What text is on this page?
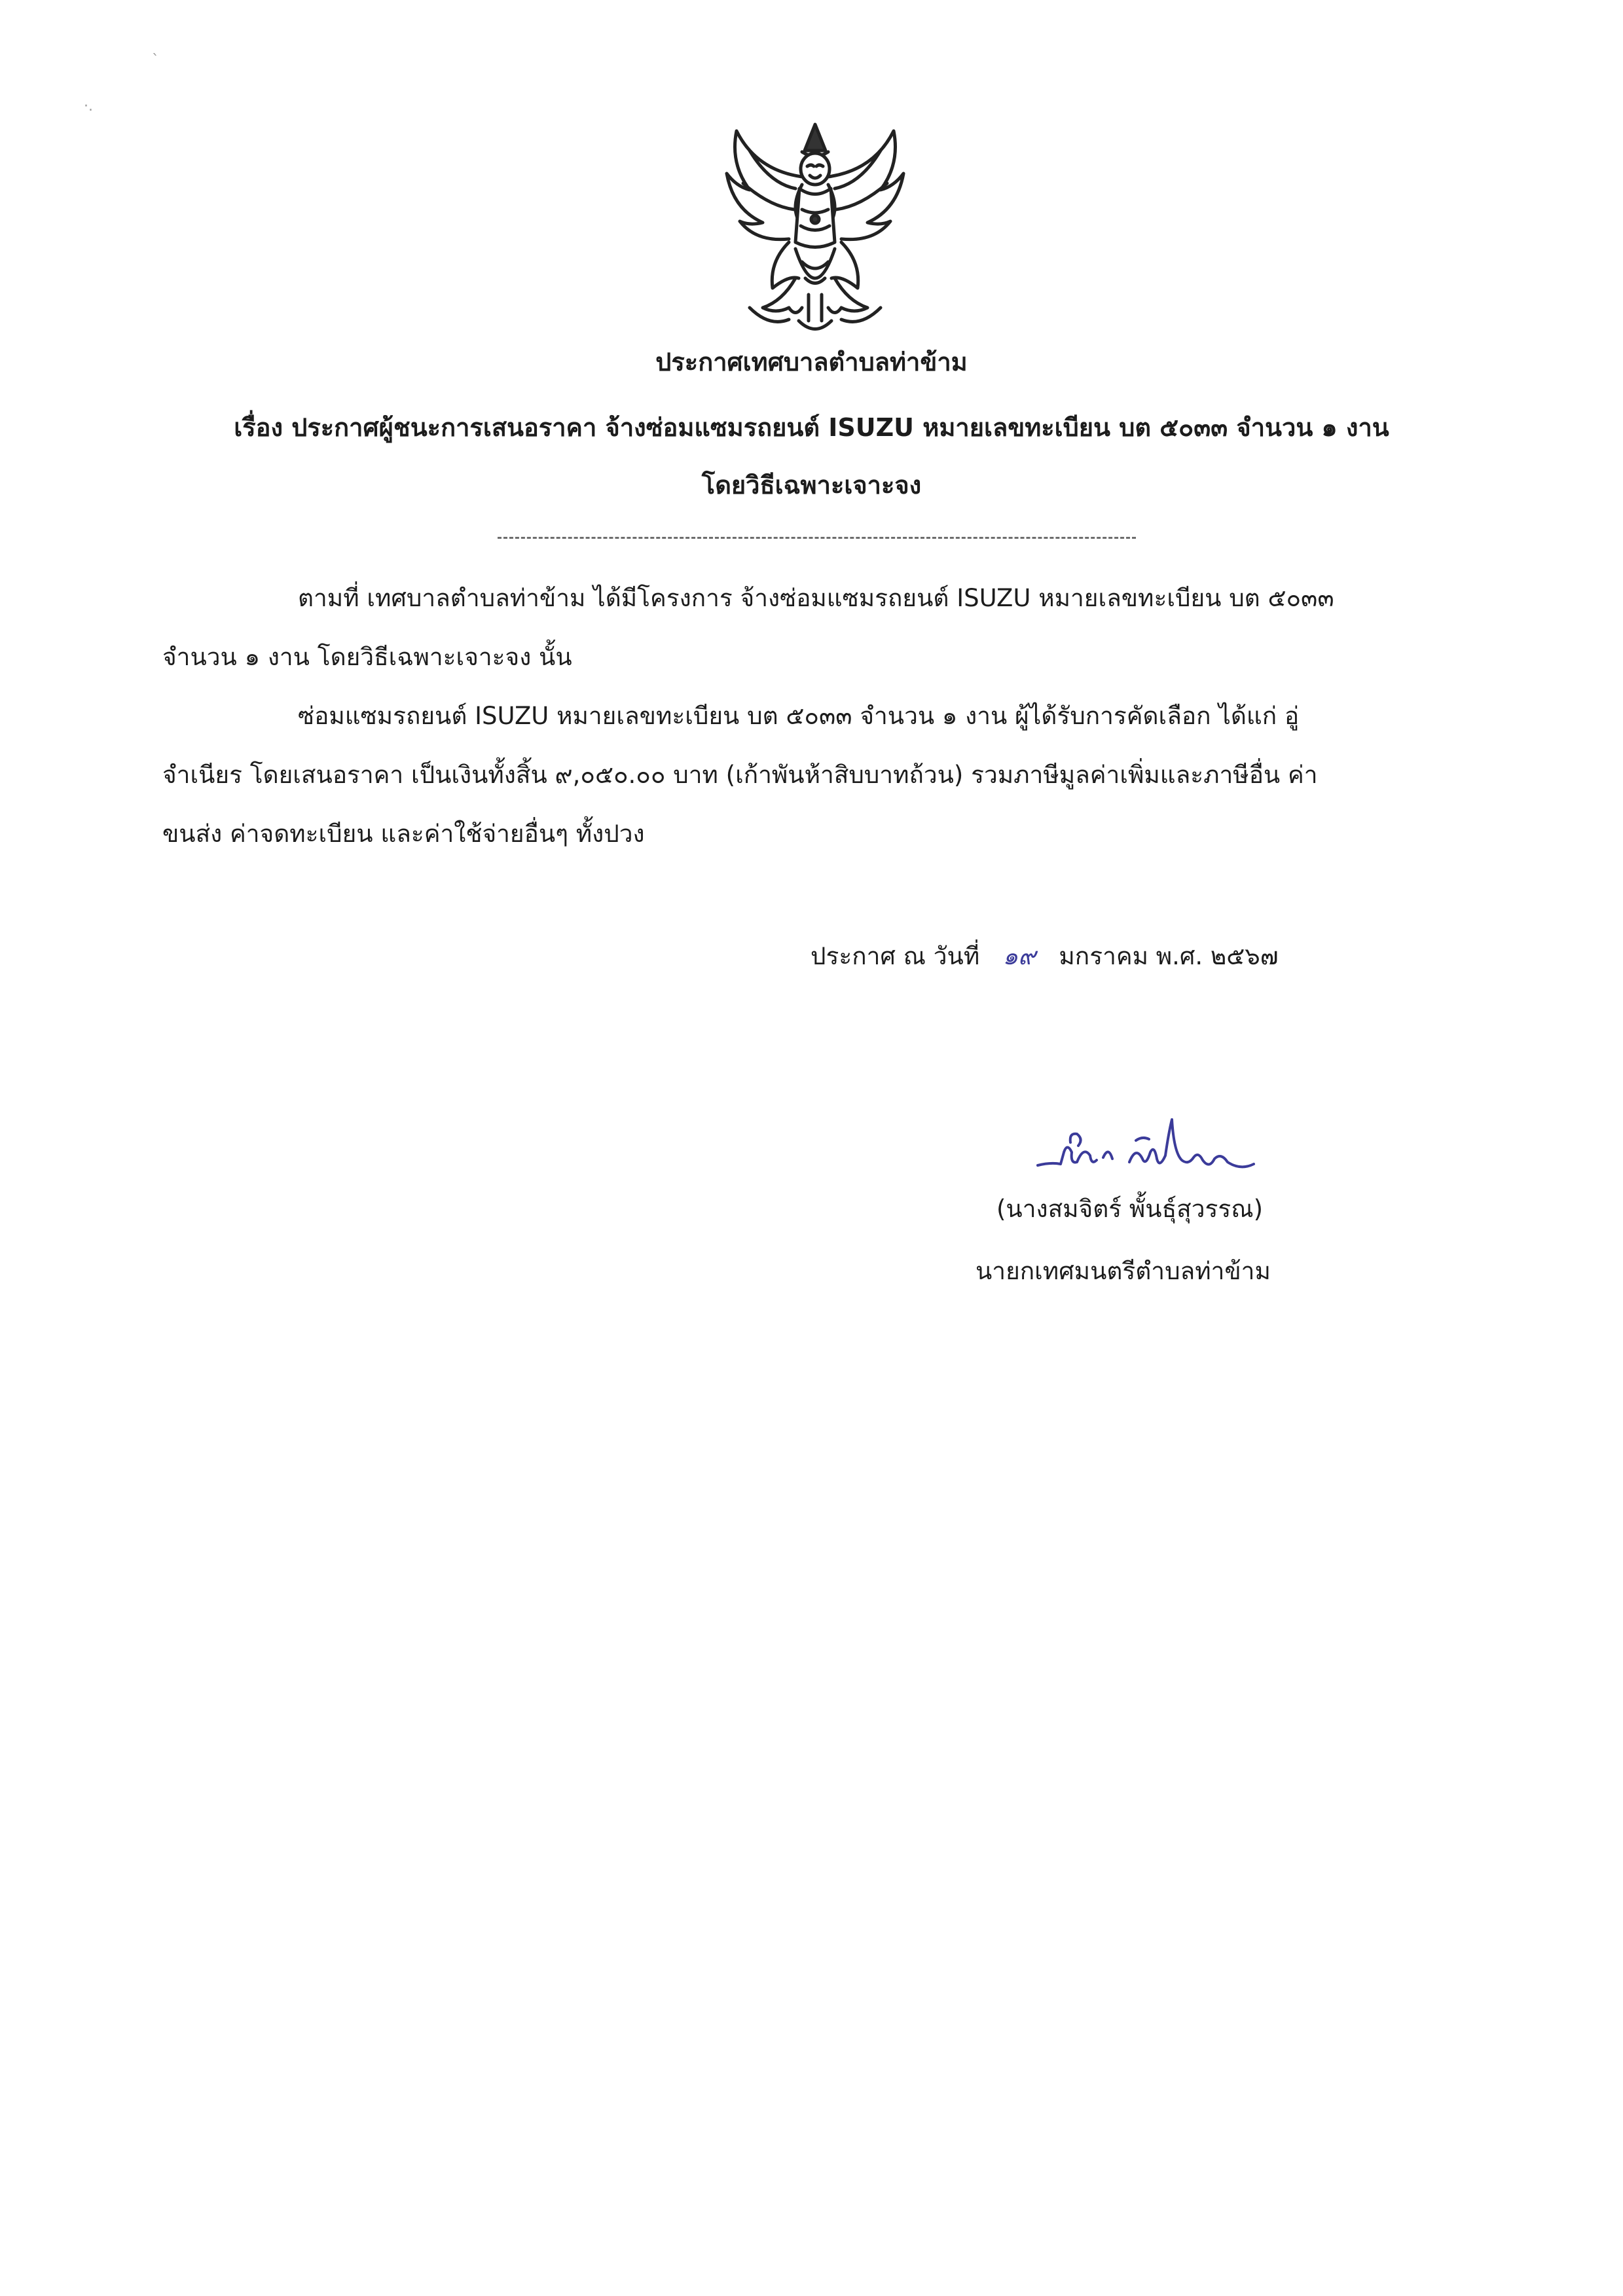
ˋ
·.
ประกาศเทศบาลตำบลท่าข้าม
เรื่อง ประกาศผู้ชนะการเสนอราคา จ้างซ่อมแซมรถยนต์ ISUZU หมายเลขทะเบียน บต ๕๐๓๓ จำนวน ๑ งาน
โดยวิธีเฉพาะเจาะจง
ตามที่ เทศบาลตำบลท่าข้าม ได้มีโครงการ จ้างซ่อมแซมรถยนต์ ISUZU หมายเลขทะเบียน บต ๕๐๓๓
จำนวน ๑ งาน โดยวิธีเฉพาะเจาะจง นั้น
ซ่อมแซมรถยนต์ ISUZU หมายเลขทะเบียน บต ๕๐๓๓ จำนวน ๑ งาน ผู้ได้รับการคัดเลือก ได้แก่ อู่
จำเนียร โดยเสนอราคา เป็นเงินทั้งสิ้น ๙,๐๕๐.๐๐ บาท (เก้าพันห้าสิบบาทถ้วน) รวมภาษีมูลค่าเพิ่มและภาษีอื่น ค่า
ขนส่ง ค่าจดทะเบียน และค่าใช้จ่ายอื่นๆ ทั้งปวง
ประกาศ ณ วันที่ ๑๙ มกราคม พ.ศ. ๒๕๖๗
(นางสมจิตร์ พั้นธุ์สุวรรณ)
นายกเทศมนตรีตำบลท่าข้าม
